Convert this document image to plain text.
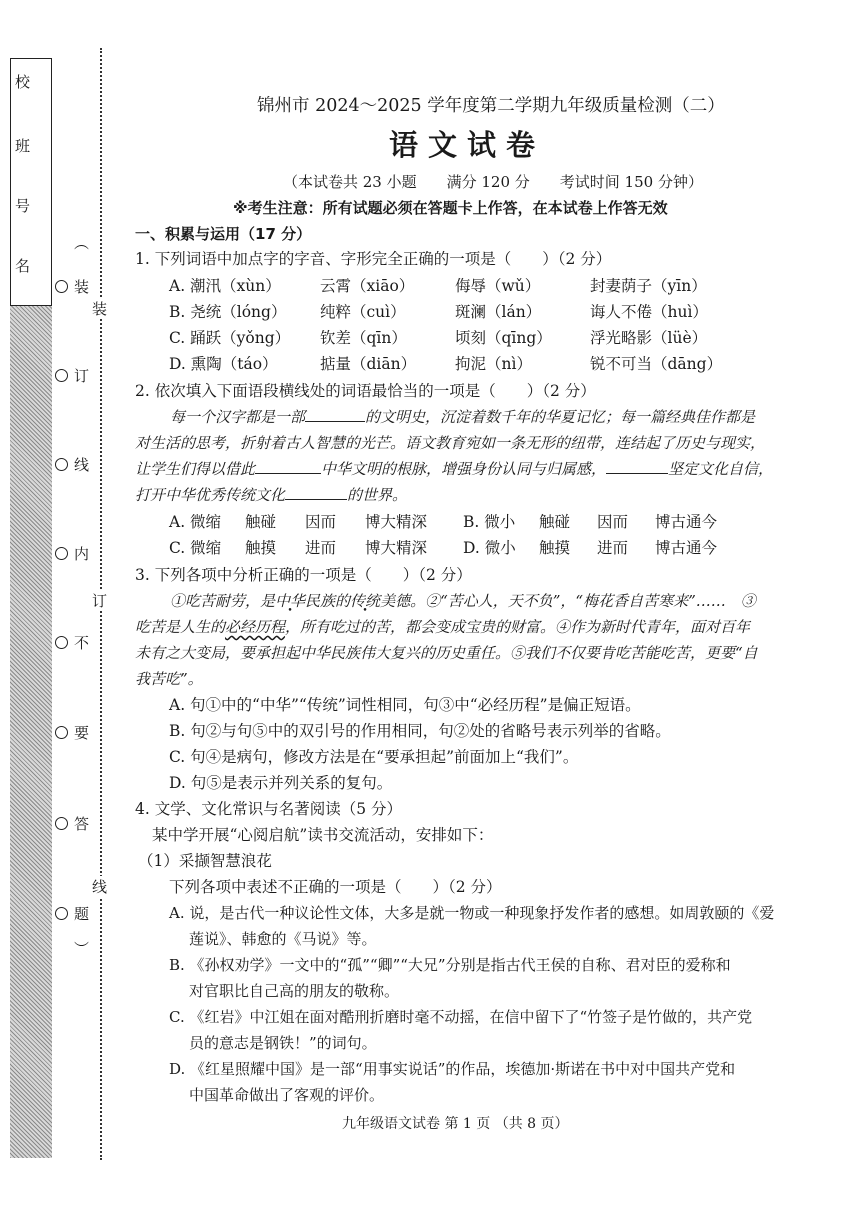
校
班
号
名
装
订
线
︵
︶
装
订
线
内
不
要
答
题
锦州市 2024～2025 学年度第二学期九年级质量检测（二）
语文试卷
（本试卷共 23 小题　　满分 120 分　　考试时间 150 分钟）
※考生注意：所有试题必须在答题卡上作答，在本试卷上作答无效
一、积累与运用（17 分）
1. 下列词语中加点字的字音、字形完全正确的一项是（　　）（2 分）
A. 潮汛（xùn）	云霄（xiāo）	侮辱（wǔ）	封妻荫子（yīn）
B. 尧统（lóng） 纯粹（cuì）	斑澜（lán）	诲人不倦（huì）
C. 踊跃（yǒng） 钦差（qīn）	顷刻（qīng） 浮光略影（lüè）
D. 熏陶（táo）	掂量（diān）	拘泥（nì）	锐不可当（dāng）
2. 依次填入下面语段横线处的词语最恰当的一项是（　　）（2 分）
每一个汉字都是一部	的文明史，沉淀着数千年的华夏记忆；每一篇经典佳作都是
对生活的思考，折射着古人智慧的光芒。语文教育宛如一条无形的纽带，连结起了历史与现实，
让学生们得以借此	中华文明的根脉，增强身份认同与归属感，	坚定文化自信，
打开中华优秀传统文化	的世界。
A. 微缩 触碰 因而 博大精深 B. 微小 触碰 因而 博古通今
C. 微缩 触摸 进而 博大精深 D. 微小 触摸 进而 博古通今
3. 下列各项中分析正确的一项是（　　）（2 分）
①吃苦耐劳，是中华民族的传统美德。②“苦心人，天不负”，“梅花香自苦寒来”……　③
吃苦是人生的必经历程，所有吃过的苦，都会变成宝贵的财富。④作为新时代青年，面对百年
未有之大变局，要承担起中华民族伟大复兴的历史重任。⑤我们不仅要肯吃苦能吃苦，更要“自
我苦吃”。
A. 句①中的“中华”“传统”词性相同，句③中“必经历程”是偏正短语。
B. 句②与句⑤中的双引号的作用相同，句②处的省略号表示列举的省略。
C. 句④是病句，修改方法是在“要承担起”前面加上“我们”。
D. 句⑤是表示并列关系的复句。
4. 文学、文化常识与名著阅读（5 分）
某中学开展“心阅启航”读书交流活动，安排如下：
（1）采撷智慧浪花
下列各项中表述不正确的一项是（　　）（2 分）
A. 说，是古代一种议论性文体，大多是就一物或一种现象抒发作者的感想。如周敦颐的《爱
莲说》、韩愈的《马说》等。
B. 《孙权劝学》一文中的“孤”“卿”“大兄”分别是指古代王侯的自称、君对臣的爱称和
对官职比自己高的朋友的敬称。
C. 《红岩》中江姐在面对酷刑折磨时毫不动摇，在信中留下了“竹签子是竹做的，共产党
员的意志是钢铁！”的词句。
D. 《红星照耀中国》是一部“用事实说话”的作品，埃德加·斯诺在书中对中国共产党和
中国革命做出了客观的评价。
九年级语文试卷 第 1 页 （共 8 页）
